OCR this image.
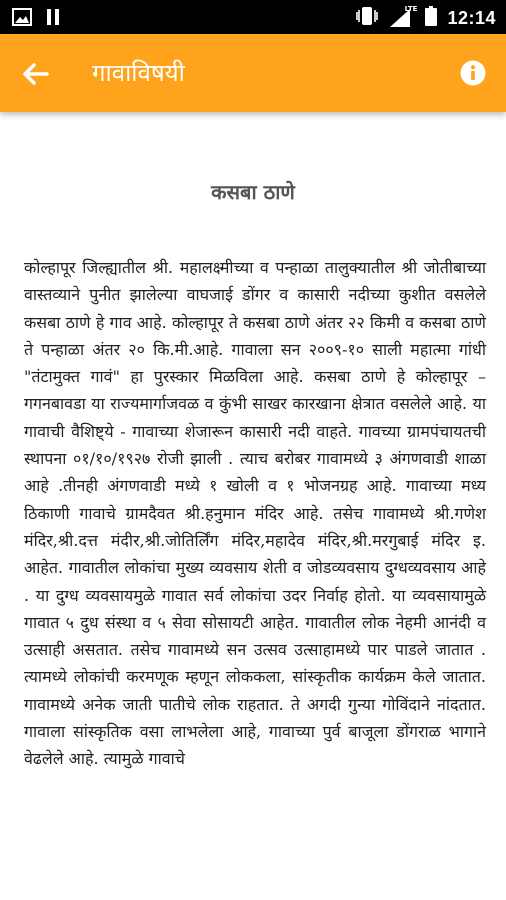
LTE 12:14
गावाविषयी
कसबा ठाणे
कोल्हापूर जिल्ह्यातील श्री. महालक्ष्मीच्या व पन्हाळा तालुक्यातील श्री जोतीबाच्या वास्तव्याने पुनीत झालेल्या वाघजाई डोंगर व कासारी नदीच्या कुशीत वसलेले कसबा ठाणे हे गाव आहे. कोल्हापूर ते कसबा ठाणे अंतर २२ किमी व कसबा ठाणे ते पन्हाळा अंतर २० कि.मी.आहे. गावाला सन २००९-१० साली महात्मा गांधी "तंटामुक्त गावं" हा पुरस्कार मिळविला आहे. कसबा ठाणे हे कोल्हापूर – गगनबावडा या राज्यमार्गाजवळ व कुंभी साखर कारखाना क्षेत्रात वसलेले आहे. या गावाची वैशिष्ट्ये - गावाच्या शेजारून कासारी नदी वाहते. गावच्या ग्रामपंचायतची स्थापना ०१/१०/१९२७ रोजी झाली . त्याच बरोबर गावामध्ये ३ अंगणवाडी शाळा आहे .तीनही अंगणवाडी मध्ये १ खोली व १ भोजनग्रह आहे. गावाच्या मध्य ठिकाणी गावाचे ग्रामदैवत श्री.हनुमान मंदिर आहे. तसेच गावामध्ये श्री.गणेश मंदिर,श्री.दत्त मंदीर,श्री.जोतिर्लिंग मंदिर,महादेव मंदिर,श्री.मरगुबाई मंदिर इ. आहेत. गावातील लोकांचा मुख्य व्यवसाय शेती व जोडव्यवसाय दुग्धव्यवसाय आहे . या दुग्ध व्यवसायमुळे गावात सर्व लोकांचा उदर निर्वाह होतो. या व्यवसायामुळे गावात ५ दुध संस्था व ५ सेवा सोसायटी आहेत. गावातील लोक नेहमी आनंदी व उत्साही असतात. तसेच गावामध्ये सन उत्सव उत्साहामध्ये पार पाडले जातात . त्यामध्ये लोकांची करमणूक म्हणून लोककला, सांस्कृतीक कार्यक्रम केले जातात. गावामध्ये अनेक जाती पातीचे लोक राहतात. ते अगदी गुन्या गोविंदाने नांदतात. गावाला सांस्कृतिक वसा लाभलेला आहे, गावाच्या पुर्व बाजूला डोंगराळ भागाने वेढलेले आहे. त्यामुळे गावाचे
